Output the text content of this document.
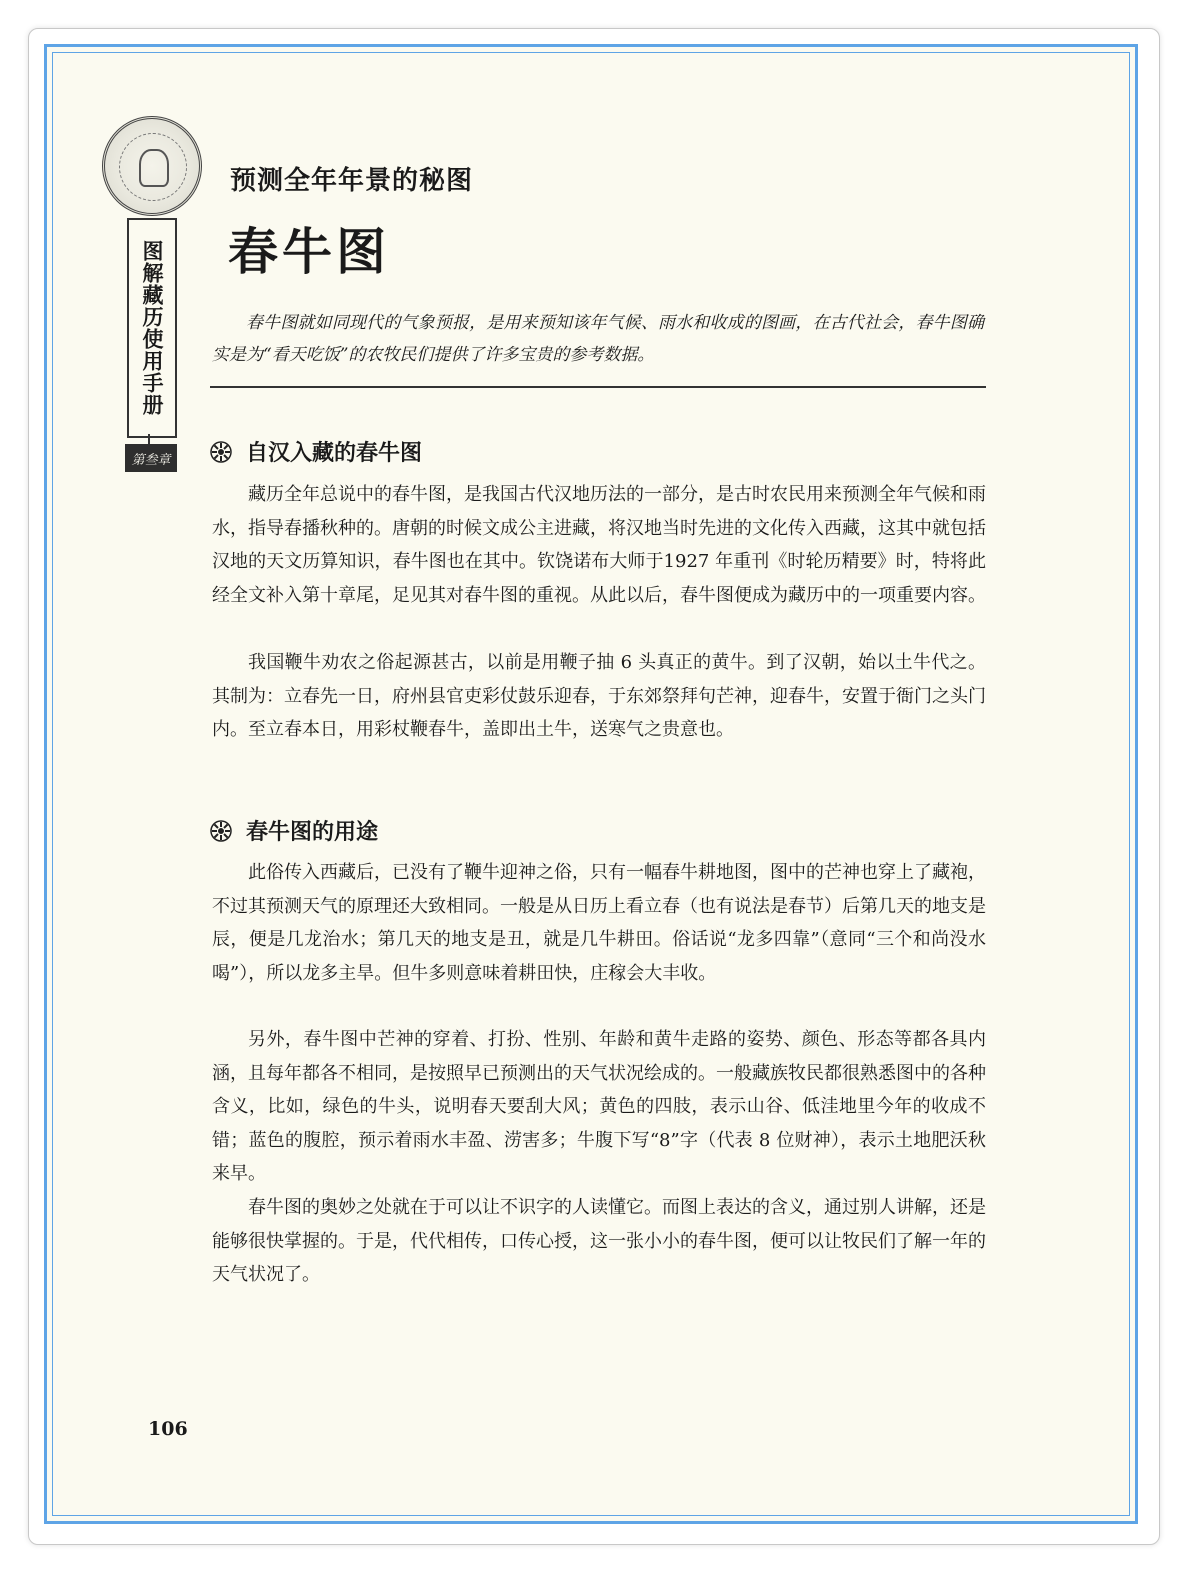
图解藏历使用手册
第叁章
预测全年年景的秘图
春牛图
春牛图就如同现代的气象预报，是用来预知该年气候、雨水和收成的图画，在古代社会，春牛图确实是为“看天吃饭”的农牧民们提供了许多宝贵的参考数据。
自汉入藏的春牛图

藏历全年总说中的春牛图，是我国古代汉地历法的一部分，是古时农民用来预测全年气候和雨水，指导春播秋种的。唐朝的时候文成公主进藏，将汉地当时先进的文化传入西藏，这其中就包括汉地的天文历算知识，春牛图也在其中。钦饶诺布大师于1927 年重刊《时轮历精要》时，特将此经全文补入第十章尾，足见其对春牛图的重视。从此以后，春牛图便成为藏历中的一项重要内容。

我国鞭牛劝农之俗起源甚古，以前是用鞭子抽 6 头真正的黄牛。到了汉朝，始以土牛代之。其制为：立春先一日，府州县官吏彩仗鼓乐迎春，于东郊祭拜句芒神，迎春牛，安置于衙门之头门内。至立春本日，用彩杖鞭春牛，盖即出土牛，送寒气之贵意也。

春牛图的用途

此俗传入西藏后，已没有了鞭牛迎神之俗，只有一幅春牛耕地图，图中的芒神也穿上了藏袍，不过其预测天气的原理还大致相同。一般是从日历上看立春（也有说法是春节）后第几天的地支是辰，便是几龙治水；第几天的地支是丑，就是几牛耕田。俗话说“龙多四靠”（意同“三个和尚没水喝”），所以龙多主旱。但牛多则意味着耕田快，庄稼会大丰收。

另外，春牛图中芒神的穿着、打扮、性别、年龄和黄牛走路的姿势、颜色、形态等都各具内涵，且每年都各不相同，是按照早已预测出的天气状况绘成的。一般藏族牧民都很熟悉图中的各种含义，比如，绿色的牛头，说明春天要刮大风；黄色的四肢，表示山谷、低洼地里今年的收成不错；蓝色的腹腔，预示着雨水丰盈、涝害多；牛腹下写“8”字（代表 8 位财神），表示土地肥沃秋来早。

春牛图的奥妙之处就在于可以让不识字的人读懂它。而图上表达的含义，通过别人讲解，还是能够很快掌握的。于是，代代相传，口传心授，这一张小小的春牛图，便可以让牧民们了解一年的天气状况了。

106
